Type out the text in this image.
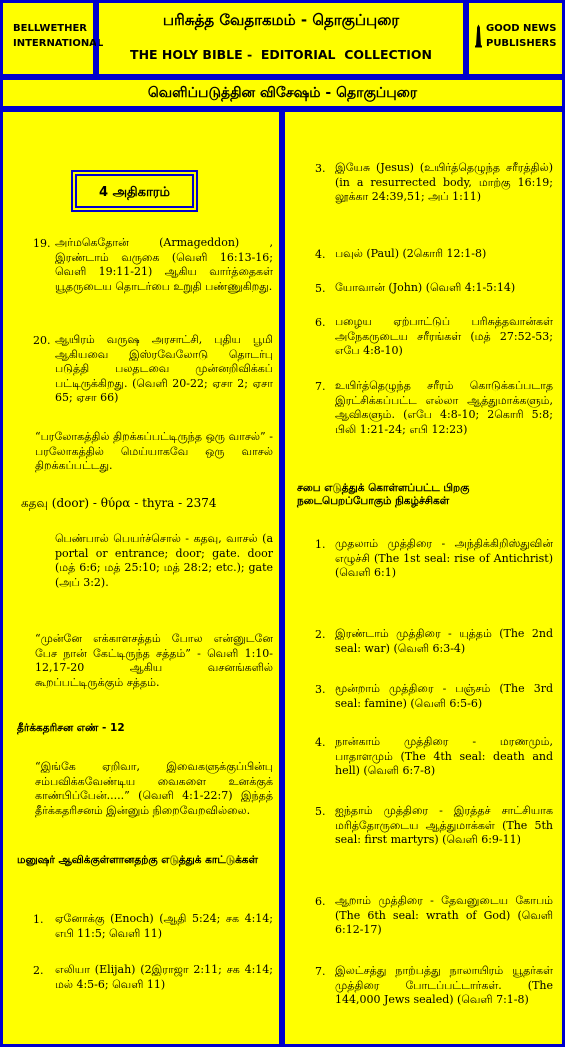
BELLWETHER INTERNATIONAL
பரிசுத்த வேதாகமம் - தொகுப்புரை
THE HOLY BIBLE -  EDITORIAL  COLLECTION
GOOD NEWS PUBLISHERS
வெளிப்படுத்தின விசேஷம் - தொகுப்புரை
4 அதிகாரம்
19. அர்மகெதோன் (Armageddon) , இரண்டாம் வருகை (வெளி 16:13-16; வெளி 19:11-21) ஆகிய வார்த்தைகள் யூதருடைய தொடர்பை உறுதி பண்ணுகிறது.
20. ஆயிரம் வருஷ அரசாட்சி, புதிய பூமி ஆகியவை இஸ்ரவேலோடு தொடர்பு படுத்தி பலதடவை முன்னறிவிக்கப் பட்டிருக்கிறது. (வெளி 20-22; ஏசா 2; ஏசா 65; ஏசா 66)
“பரலோகத்தில் திறக்கப்பட்டிருந்த ஒரு வாசல்” - பரலோகத்தில் மெய்யாகவே ஒரு வாசல் திறக்கப்பட்டது.
கதவு (door) - θύρα - thyra - 2374
பெண்பால் பெயர்ச்சொல் - கதவு, வாசல் (a portal or entrance; door; gate. door (மத் 6:6; மத் 25:10; மத் 28:2; etc.); gate (அப் 3:2).
“முன்னே எக்காளசத்தம் போல என்னுடனே பேச நான் கேட்டிருந்த சத்தம்” - வெளி 1:10-12,17-20 ஆகிய வசனங்களில் கூறப்பட்டிருக்கும் சத்தம்.
தீர்க்கதரிசன எண் - 12
“இங்கே ஏறிவா, இவைகளுக்குப்பின்பு சம்பவிக்கவேண்டிய வைகளை உனக்குக் காண்பிப்பேன்.....” (வெளி 4:1-22:7) இந்தத் தீர்க்கதரிசனம் இன்னும் நிறைவேறவில்லை.
மனுஷர் ஆவிக்குள்ளானதற்கு எடுத்துக் காட்டுக்கள்
1. ஏனோக்கு (Enoch) (ஆதி 5:24; சக 4:14; எபி 11:5; வெளி 11)
2. எலியா (Elijah) (2இராஜா 2:11; சக 4:14; மல் 4:5-6; வெளி 11)
3. இயேசு (Jesus) (உயிர்த்தெழுந்த சரீரத்தில்) (in a resurrected body, மாற்கு 16:19; லூக்கா 24:39,51; அப் 1:11)
4. பவுல் (Paul) (2கொரி 12:1-8)
5. யோவான் (John) (வெளி 4:1-5:14)
6. பழைய ஏற்பாட்டுப் பரிசுத்தவான்கள் அநேகருடைய சரீரங்கள் (மத் 27:52-53; எபே 4:8-10)
7. உயிர்த்தெழுந்த சரீரம் கொடுக்கப்படாத இரட்சிக்கப்பட்ட எல்லா ஆத்துமாக்களும், ஆவிகளும். (எபே 4:8-10; 2கொரி 5:8; பிலி 1:21-24; எபி 12:23)
சபை எடுத்துக் கொள்ளப்பட்ட பிறகு நடைபெறப்போகும் நிகழ்ச்சிகள்
1. முதலாம் முத்திரை - அந்திக்கிறிஸ்துவின் எழுச்சி (The 1st seal: rise of Antichrist) (வெளி 6:1)
2. இரண்டாம் முத்திரை - யுத்தம் (The 2nd seal: war) (வெளி 6:3-4)
3. மூன்றாம் முத்திரை - பஞ்சம் (The 3rd seal: famine) (வெளி 6:5-6)
4. நான்காம் முத்திரை - மரணமும், பாதாளமும் (The 4th seal: death and hell) (வெளி 6:7-8)
5. ஐந்தாம் முத்திரை - இரத்தச் சாட்சியாக மரித்தோருடைய ஆத்துமாக்கள் (The 5th seal: first martyrs) (வெளி 6:9-11)
6. ஆறாம் முத்திரை - தேவனுடைய கோபம் (The 6th seal: wrath of God) (வெளி 6:12-17)
7. இலட்சத்து நாற்பத்து நாலாயிரம் யூதர்கள் முத்திரை போடப்பட்டார்கள். (The 144,000 Jews sealed) (வெளி 7:1-8)
